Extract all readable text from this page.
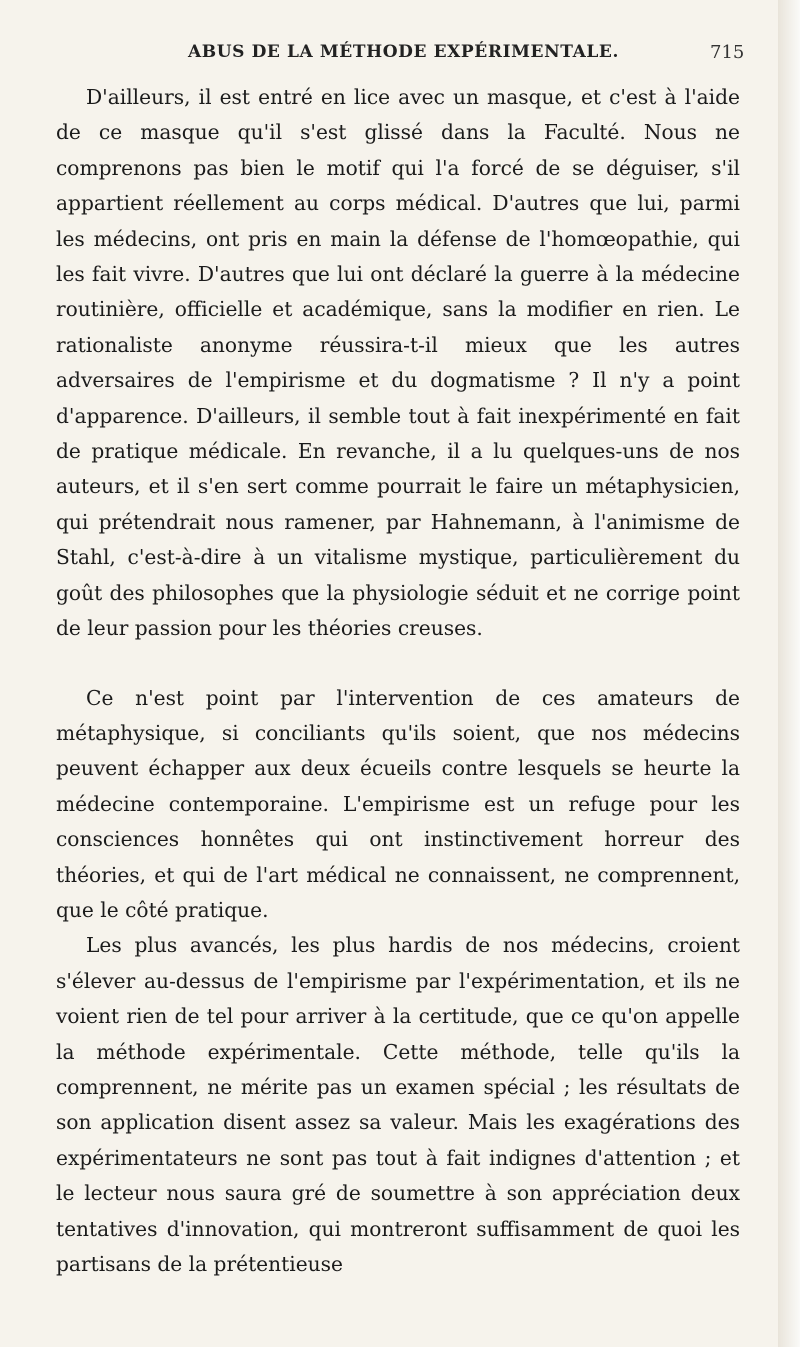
ABUS DE LA MÉTHODE EXPÉRIMENTALE.	715

D'ailleurs, il est entré en lice avec un masque, et c'est à l'aide de ce masque qu'il s'est glissé dans la Faculté. Nous ne comprenons pas bien le motif qui l'a forcé de se déguiser, s'il appartient réellement au corps médical. D'autres que lui, parmi les médecins, ont pris en main la défense de l'homœopathie, qui les fait vivre. D'autres que lui ont déclaré la guerre à la médecine routinière, officielle et académique, sans la modifier en rien. Le rationaliste anonyme réussira-t-il mieux que les autres adversaires de l'empirisme et du dogmatisme ? Il n'y a point d'apparence. D'ailleurs, il semble tout à fait inexpérimenté en fait de pratique médicale. En revanche, il a lu quelques-uns de nos auteurs, et il s'en sert comme pourrait le faire un métaphysicien, qui prétendrait nous ramener, par Hahnemann, à l'animisme de Stahl, c'est-à-dire à un vitalisme mystique, particulièrement du goût des philosophes que la physiologie séduit et ne corrige point de leur passion pour les théories creuses.

Ce n'est point par l'intervention de ces amateurs de métaphysique, si conciliants qu'ils soient, que nos médecins peuvent échapper aux deux écueils contre lesquels se heurte la médecine contemporaine. L'empirisme est un refuge pour les consciences honnêtes qui ont instinctivement horreur des théories, et qui de l'art médical ne connaissent, ne comprennent, que le côté pratique.

Les plus avancés, les plus hardis de nos médecins, croient s'élever au-dessus de l'empirisme par l'expérimentation, et ils ne voient rien de tel pour arriver à la certitude, que ce qu'on appelle la méthode expérimentale. Cette méthode, telle qu'ils la comprennent, ne mérite pas un examen spécial ; les résultats de son application disent assez sa valeur. Mais les exagérations des expérimentateurs ne sont pas tout à fait indignes d'attention ; et le lecteur nous saura gré de soumettre à son appréciation deux tentatives d'innovation, qui montreront suffisamment de quoi les partisans de la prétentieuse
